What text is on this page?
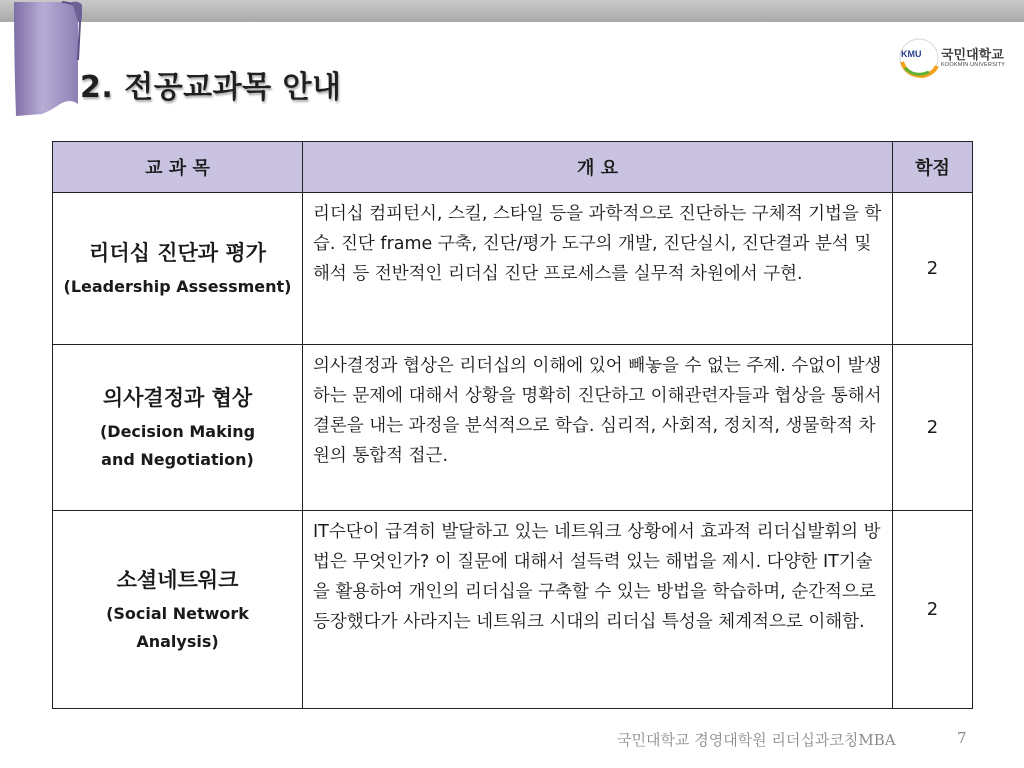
2. 전공교과목 안내
KMU 국민대학교
KOOKMIN UNIVERSITY
교 과 목	개 요	학점

리더십 진단과 평가
(Leadership Assessment)	리더십 컴피턴시, 스킬, 스타일 등을 과학적으로 진단하는 구체적 기법을 학습. 진단 frame 구축, 진단/평가 도구의 개발, 진단실시, 진단결과 분석 및 해석 등 전반적인 리더십 진단 프로세스를 실무적 차원에서 구현.	2

의사결정과 협상
(Decision Making
and Negotiation)	의사결정과 협상은 리더십의 이해에 있어 빼놓을 수 없는 주제. 수없이 발생하는 문제에 대해서 상황을 명확히 진단하고 이해관련자들과 협상을 통해서 결론을 내는 과정을 분석적으로 학습. 심리적, 사회적, 정치적, 생물학적 차원의 통합적 접근.	2

소셜네트워크
(Social Network
Analysis)	IT수단이 급격히 발달하고 있는 네트워크 상황에서 효과적 리더십발휘의 방법은 무엇인가? 이 질문에 대해서 설득력 있는 해법을 제시. 다양한 IT기술을 활용하여 개인의 리더십을 구축할 수 있는 방법을 학습하며, 순간적으로 등장했다가 사라지는 네트워크 시대의 리더십 특성을 체계적으로 이해함.	2
국민대학교 경영대학원 리더십과코칭MBA	7
